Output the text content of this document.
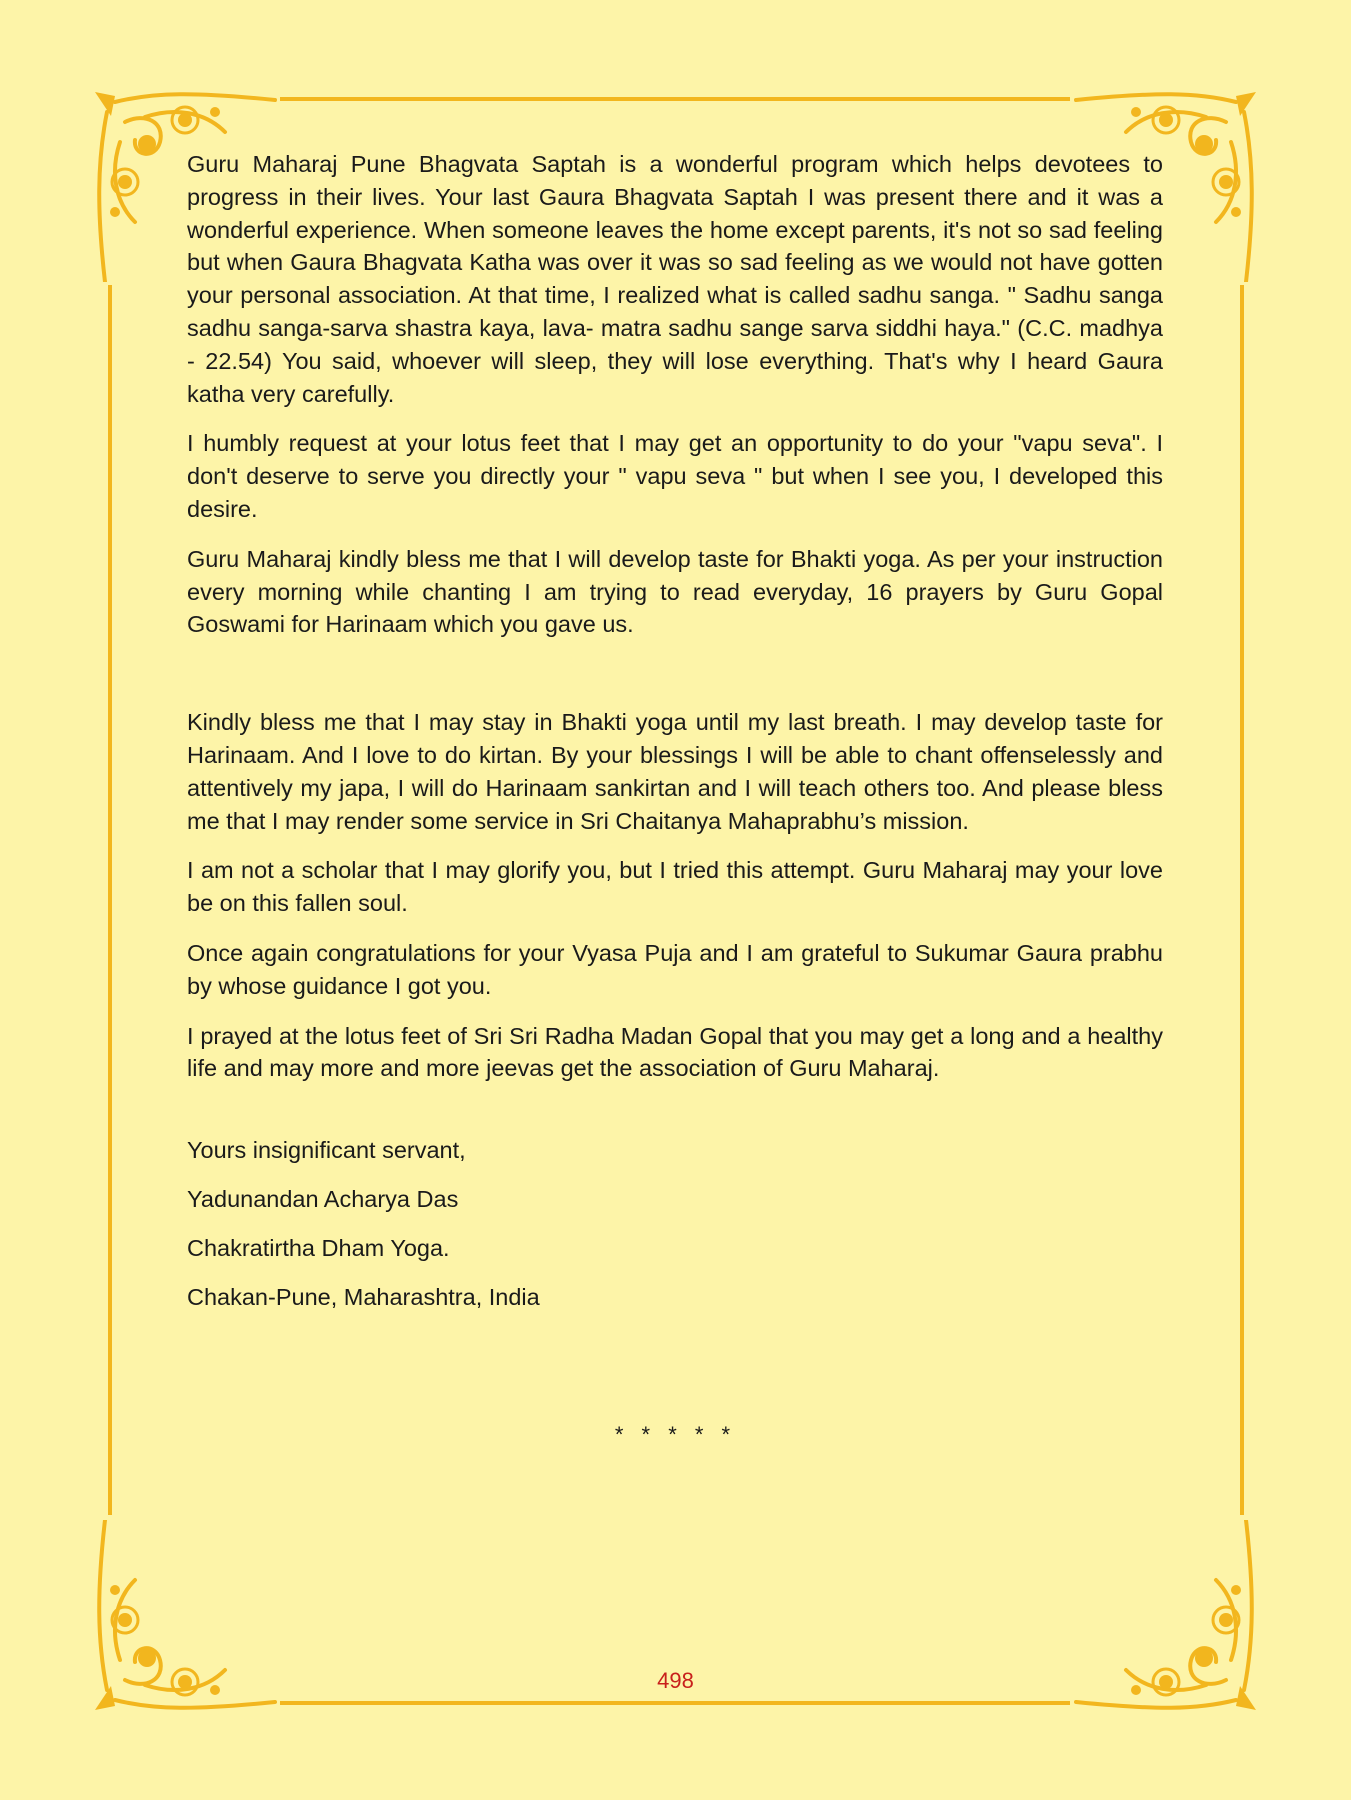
Guru Maharaj Pune Bhagvata Saptah is a wonderful program which helps devotees to progress in their lives. Your last Gaura Bhagvata Saptah I was present there and it was a wonderful experience. When someone leaves the home except parents, it's not so sad feeling but when Gaura Bhagvata Katha was over it was so sad feeling as we would not have gotten your personal association. At that time, I realized what is called sadhu sanga. " Sadhu sanga sadhu sanga-sarva shastra kaya, lava- matra sadhu sange sarva siddhi haya." (C.C. madhya - 22.54) You said, whoever will sleep, they will lose everything. That's why I heard Gaura katha very carefully.

I humbly request at your lotus feet that I may get an opportunity to do your "vapu seva". I don't deserve to serve you directly your " vapu seva " but when I see you, I developed this desire.

Guru Maharaj kindly bless me that I will develop taste for Bhakti yoga. As per your instruction every morning while chanting I am trying to read everyday, 16 prayers by Guru Gopal Goswami for Harinaam which you gave us.

Kindly bless me that I may stay in Bhakti yoga until my last breath. I may develop taste for Harinaam. And I love to do kirtan. By your blessings I will be able to chant offenselessly and attentively my japa, I will do Harinaam sankirtan and I will teach others too. And please bless me that I may render some service in Sri Chaitanya Mahaprabhu’s mission.

I am not a scholar that I may glorify you, but I tried this attempt. Guru Maharaj may your love be on this fallen soul.

Once again congratulations for your Vyasa Puja and I am grateful to Sukumar Gaura prabhu by whose guidance I got you.

I prayed at the lotus feet of Sri Sri Radha Madan Gopal that you may get a long and a healthy life and may more and more jeevas get the association of Guru Maharaj.

Yours insignificant servant,

Yadunandan Acharya Das

Chakratirtha Dham Yoga.

Chakan-Pune, Maharashtra, India

* * * * *
498
